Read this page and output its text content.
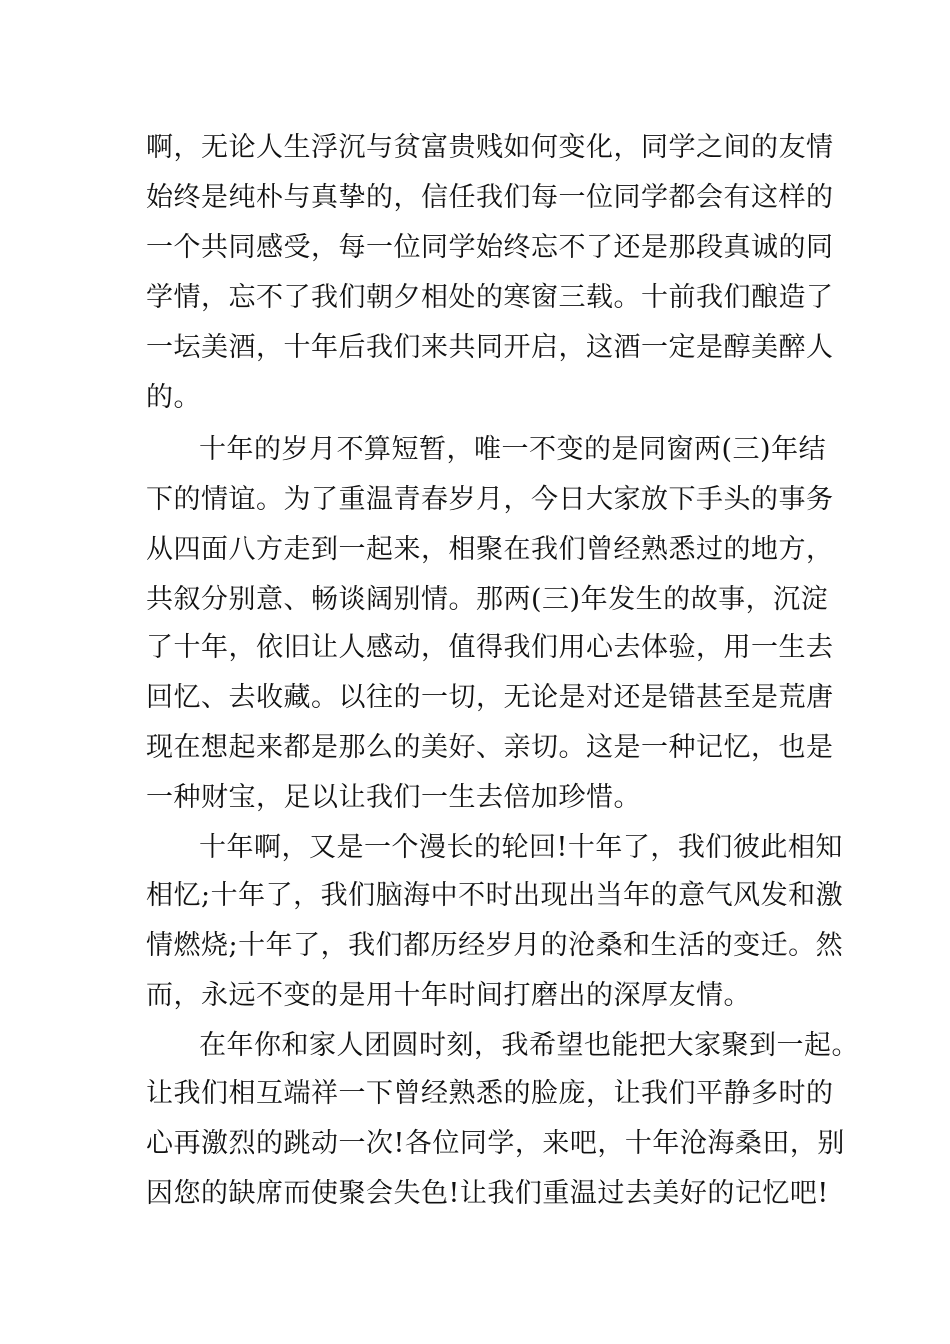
啊，无论人生浮沉与贫富贵贱如何变化，同学之间的友情
始终是纯朴与真挚的，信任我们每一位同学都会有这样的
一个共同感受，每一位同学始终忘不了还是那段真诚的同
学情，忘不了我们朝夕相处的寒窗三载。十前我们酿造了
一坛美酒，十年后我们来共同开启，这酒一定是醇美醉人
的。
十年的岁月不算短暂，唯一不变的是同窗两(三)年结
下的情谊。为了重温青春岁月，今日大家放下手头的事务
从四面八方走到一起来，相聚在我们曾经熟悉过的地方，
共叙分别意、畅谈阔别情。那两(三)年发生的故事，沉淀
了十年，依旧让人感动，值得我们用心去体验，用一生去
回忆、去收藏。以往的一切，无论是对还是错甚至是荒唐
现在想起来都是那么的美好、亲切。这是一种记忆，也是
一种财宝，足以让我们一生去倍加珍惜。
十年啊，又是一个漫长的轮回!十年了，我们彼此相知
相忆;十年了，我们脑海中不时出现出当年的意气风发和激
情燃烧;十年了，我们都历经岁月的沧桑和生活的变迁。然
而，永远不变的是用十年时间打磨出的深厚友情。
在年你和家人团圆时刻，我希望也能把大家聚到一起。
让我们相互端祥一下曾经熟悉的脸庞，让我们平静多时的
心再激烈的跳动一次!各位同学，来吧，十年沧海桑田，别
因您的缺席而使聚会失色!让我们重温过去美好的记忆吧!
